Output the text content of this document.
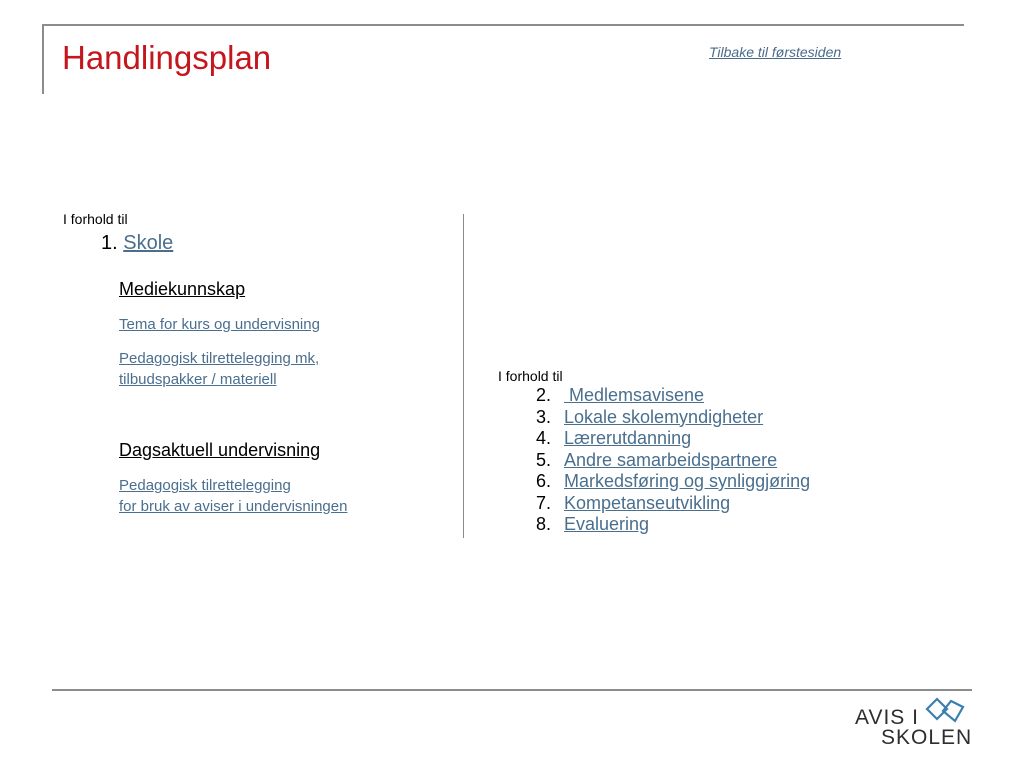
Handlingsplan	Tilbake til førstesiden
I forhold til
1. Skole
Mediekunnskap
Tema for kurs og undervisning
Pedagogisk tilrettelegging mk,
tilbudspakker / materiell
Dagsaktuell undervisning
Pedagogisk tilrettelegging
for bruk av aviser i undervisningen
I forhold til
2. Medlemsavisene
3. Lokale skolemyndigheter
4. Lærerutdanning
5. Andre samarbeidspartnere
6. Markedsføring og synliggjøring
7. Kompetanseutvikling
8. Evaluering
AVIS I
SKOLEN
